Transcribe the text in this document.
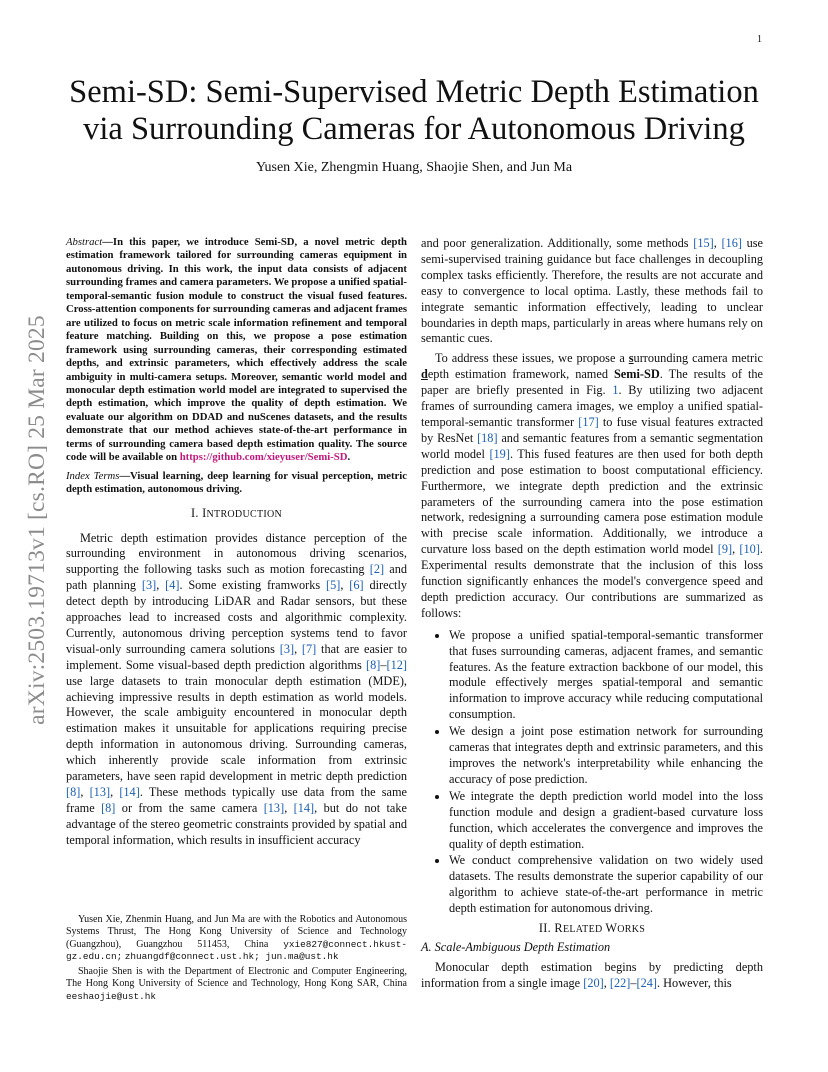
1
arXiv:2503.19713v1 [cs.RO] 25 Mar 2025
Semi-SD: Semi-Supervised Metric Depth Estimation
via Surrounding Cameras for Autonomous Driving
Yusen Xie, Zhengmin Huang, Shaojie Shen, and Jun Ma

Abstract—In this paper, we introduce Semi-SD, a novel metric depth estimation framework tailored for surrounding cameras equipment in autonomous driving. In this work, the input data consists of adjacent surrounding frames and camera parameters. We propose a unified spatial-temporal-semantic fusion module to construct the visual fused features. Cross-attention components for surrounding cameras and adjacent frames are utilized to focus on metric scale information refinement and temporal feature matching. Building on this, we propose a pose estimation framework using surrounding cameras, their corresponding estimated depths, and extrinsic parameters, which effectively address the scale ambiguity in multi-camera setups. Moreover, semantic world model and monocular depth estimation world model are integrated to supervised the depth estimation, which improve the quality of depth estimation. We evaluate our algorithm on DDAD and nuScenes datasets, and the results demonstrate that our method achieves state-of-the-art performance in terms of surrounding camera based depth estimation quality. The source code will be available on https://github.com/xieyuser/Semi-SD.

Index Terms—Visual learning, deep learning for visual perception, metric depth estimation, autonomous driving.

I. INTRODUCTION

Metric depth estimation provides distance perception of the surrounding environment in autonomous driving scenarios, supporting the following tasks such as motion forecasting [2] and path planning [3], [4]. Some existing framworks [5], [6] directly detect depth by introducing LiDAR and Radar sensors, but these approaches lead to increased costs and algorithmic complexity. Currently, autonomous driving perception systems tend to favor visual-only surrounding camera solutions [3], [7] that are easier to implement. Some visual-based depth prediction algorithms [8]–[12] use large datasets to train monocular depth estimation (MDE), achieving impressive results in depth estimation as world models. However, the scale ambiguity encountered in monocular depth estimation makes it unsuitable for applications requiring precise depth information in autonomous driving. Surrounding cameras, which inherently provide scale information from extrinsic parameters, have seen rapid development in metric depth prediction [8], [13], [14]. These methods typically use data from the same frame [8] or from the same camera [13], [14], but do not take advantage of the stereo geometric constraints provided by spatial and temporal information, which results in insufficient accuracy

Yusen Xie, Zhenmin Huang, and Jun Ma are with the Robotics and Autonomous Systems Thrust, The Hong Kong University of Science and Technology (Guangzhou), Guangzhou 511453, China yxie827@connect.hkust-gz.edu.cn; zhuangdf@connect.ust.hk; jun.ma@ust.hk

Shaojie Shen is with the Department of Electronic and Computer Engineering, The Hong Kong University of Science and Technology, Hong Kong SAR, China eeshaojie@ust.hk

and poor generalization. Additionally, some methods [15], [16] use semi-supervised training guidance but face challenges in decoupling complex tasks efficiently. Therefore, the results are not accurate and easy to convergence to local optima. Lastly, these methods fail to integrate semantic information effectively, leading to unclear boundaries in depth maps, particularly in areas where humans rely on semantic cues.

To address these issues, we propose a surrounding camera metric depth estimation framework, named Semi-SD. The results of the paper are briefly presented in Fig. 1. By utilizing two adjacent frames of surrounding camera images, we employ a unified spatial-temporal-semantic transformer [17] to fuse visual features extracted by ResNet [18] and semantic features from a semantic segmentation world model [19]. This fused features are then used for both depth prediction and pose estimation to boost computational efficiency. Furthermore, we integrate depth prediction and the extrinsic parameters of the surrounding camera into the pose estimation network, redesigning a surrounding camera pose estimation module with precise scale information. Additionally, we introduce a curvature loss based on the depth estimation world model [9], [10]. Experimental results demonstrate that the inclusion of this loss function significantly enhances the model's convergence speed and depth prediction accuracy. Our contributions are summarized as follows:

• We propose a unified spatial-temporal-semantic transformer that fuses surrounding cameras, adjacent frames, and semantic features. As the feature extraction backbone of our model, this module effectively merges spatial-temporal and semantic information to improve accuracy while reducing computational consumption.
• We design a joint pose estimation network for surrounding cameras that integrates depth and extrinsic parameters, and this improves the network's interpretability while enhancing the accuracy of pose prediction.
• We integrate the depth prediction world model into the loss function module and design a gradient-based curvature loss function, which accelerates the convergence and improves the quality of depth estimation.
• We conduct comprehensive validation on two widely used datasets. The results demonstrate the superior capability of our algorithm to achieve state-of-the-art performance in metric depth estimation for autonomous driving.
II. RELATED WORKS
A. Scale-Ambiguous Depth Estimation

Monocular depth estimation begins by predicting depth information from a single image [20], [22]–[24]. However, this
